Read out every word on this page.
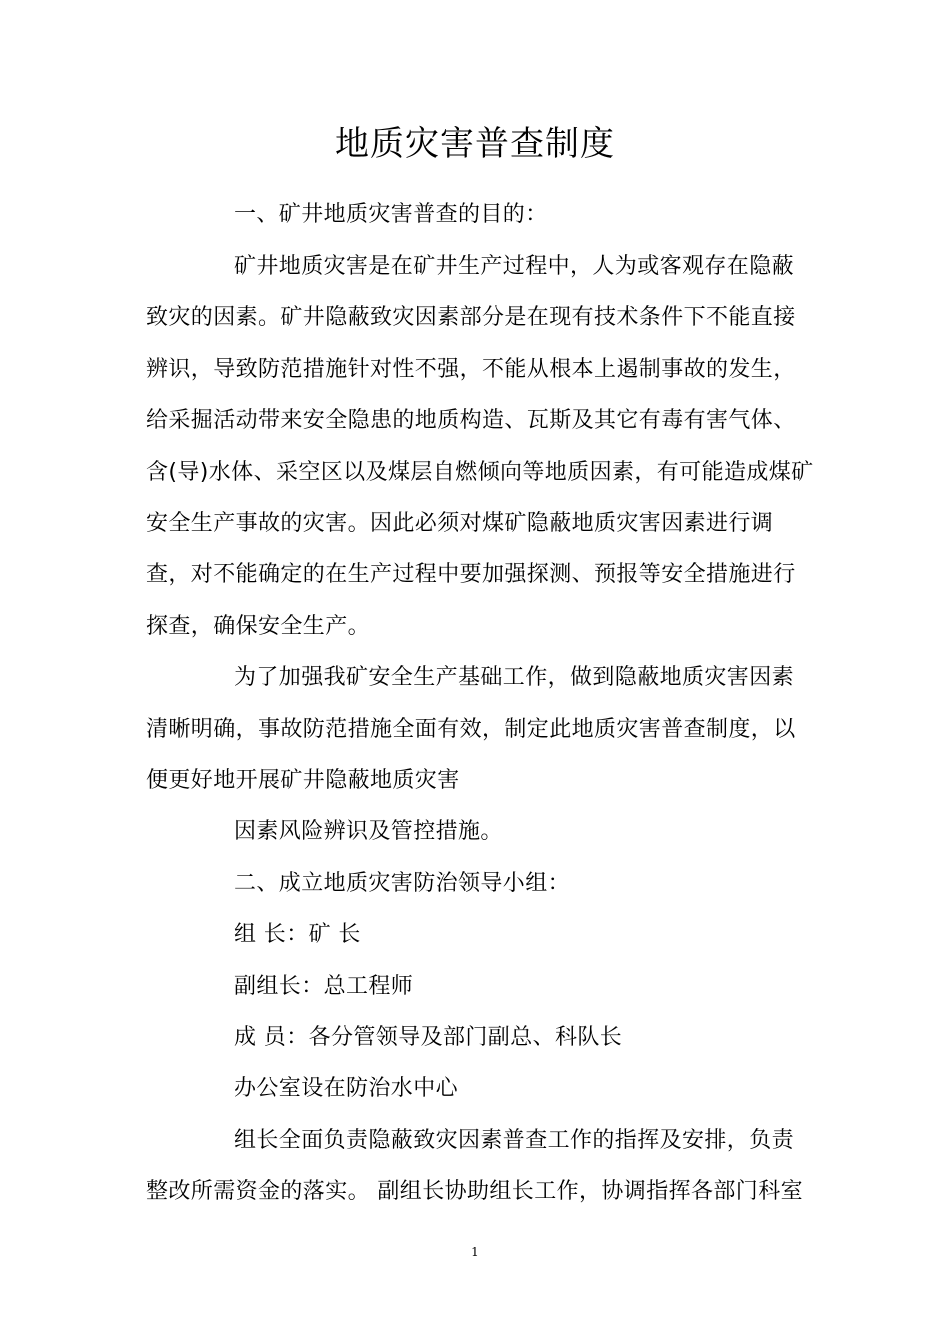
地质灾害普查制度
一、矿井地质灾害普查的目的：
矿井地质灾害是在矿井生产过程中，人为或客观存在隐蔽
致灾的因素。矿井隐蔽致灾因素部分是在现有技术条件下不能直接
辨识，导致防范措施针对性不强，不能从根本上遏制事故的发生，
给采掘活动带来安全隐患的地质构造、瓦斯及其它有毒有害气体、
含(导)水体、采空区以及煤层自燃倾向等地质因素，有可能造成煤矿
安全生产事故的灾害。因此必须对煤矿隐蔽地质灾害因素进行调
查，对不能确定的在生产过程中要加强探测、预报等安全措施进行
探查，确保安全生产。
为了加强我矿安全生产基础工作，做到隐蔽地质灾害因素
清晰明确，事故防范措施全面有效，制定此地质灾害普查制度，以
便更好地开展矿井隐蔽地质灾害
因素风险辨识及管控措施。
二、成立地质灾害防治领导小组：
组 长：矿 长
副组长：总工程师
成 员：各分管领导及部门副总、科队长
办公室设在防治水中心
组长全面负责隐蔽致灾因素普查工作的指挥及安排，负责
整改所需资金的落实。 副组长协助组长工作，协调指挥各部门科室
1
